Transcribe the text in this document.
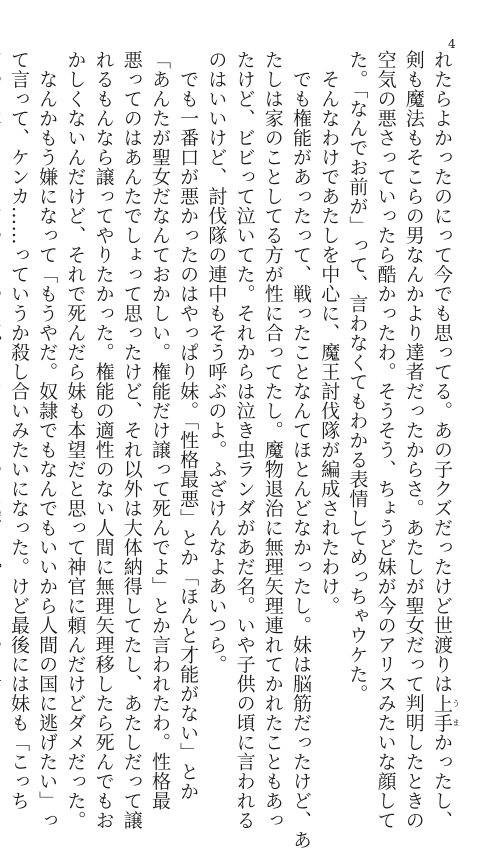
4

れたらよかったのにって今でも思ってる。あの子クズだったけど世渡りは上手うまかったし、

剣も魔法もそこらの男なんかより達者だったからさ。あたしが聖女だって判明したときの

空気の悪さっていったら酷かったわ。そうそう、ちょうど妹が今のアリスみたいな顔して

た。「なんでお前が」って、言わなくてもわかる表情してめっちゃウケた。

　そんなわけであたしを中心に、魔王討伐隊が編成されたわけ。

　でも権能があったって、戦ったことなんてほとんどなかったし。妹は脳筋だったけど、あ

たしは家のことしてる方が性に合ってたし。魔物退治に無理矢理連れてかれたこともあっ

たけど、ビビって泣いてた。それからは泣き虫ランダがあだ名。いや子供の頃に言われる

のはいいけど、討伐隊の連中もそう呼ぶのよ。ふざけんなよあいつら。

　でも一番口が悪かったのはやっぱり妹。「性格最悪」とか「ほんと才能がない」とか

「あんたが聖女だなんておかしい。権能だけ譲って死んでよ」とか言われたわ。性格最

悪ってのはあんたでしょって思ったけど、それ以外は大体納得してたし、あたしだって譲

れるもんなら譲ってやりたかった。権能の適性のない人間に無理矢理移したら死んでもお

かしくないんだけど、それで死んだら妹も本望だと思って神官に頼んだけどダメだった。

　なんかもう嫌になって「もうやだ。奴隷でもなんでもいいから人間の国に逃げたい」っ

て言って、ケンカ……っていうか殺し合いみたいになった。けど最後には妹も「こっち
